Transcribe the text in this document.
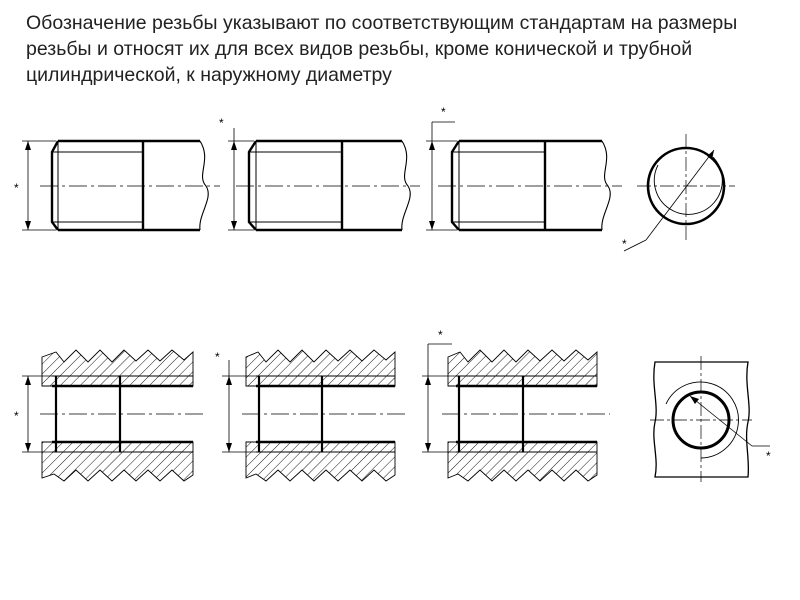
Обозначение резьбы указывают по соответствующим стандартам на размеры
резьбы и относят их для всех видов резьбы, кроме конической и трубной
цилиндрической, к наружному диаметру
*
*
*
*
*
*
*
*
